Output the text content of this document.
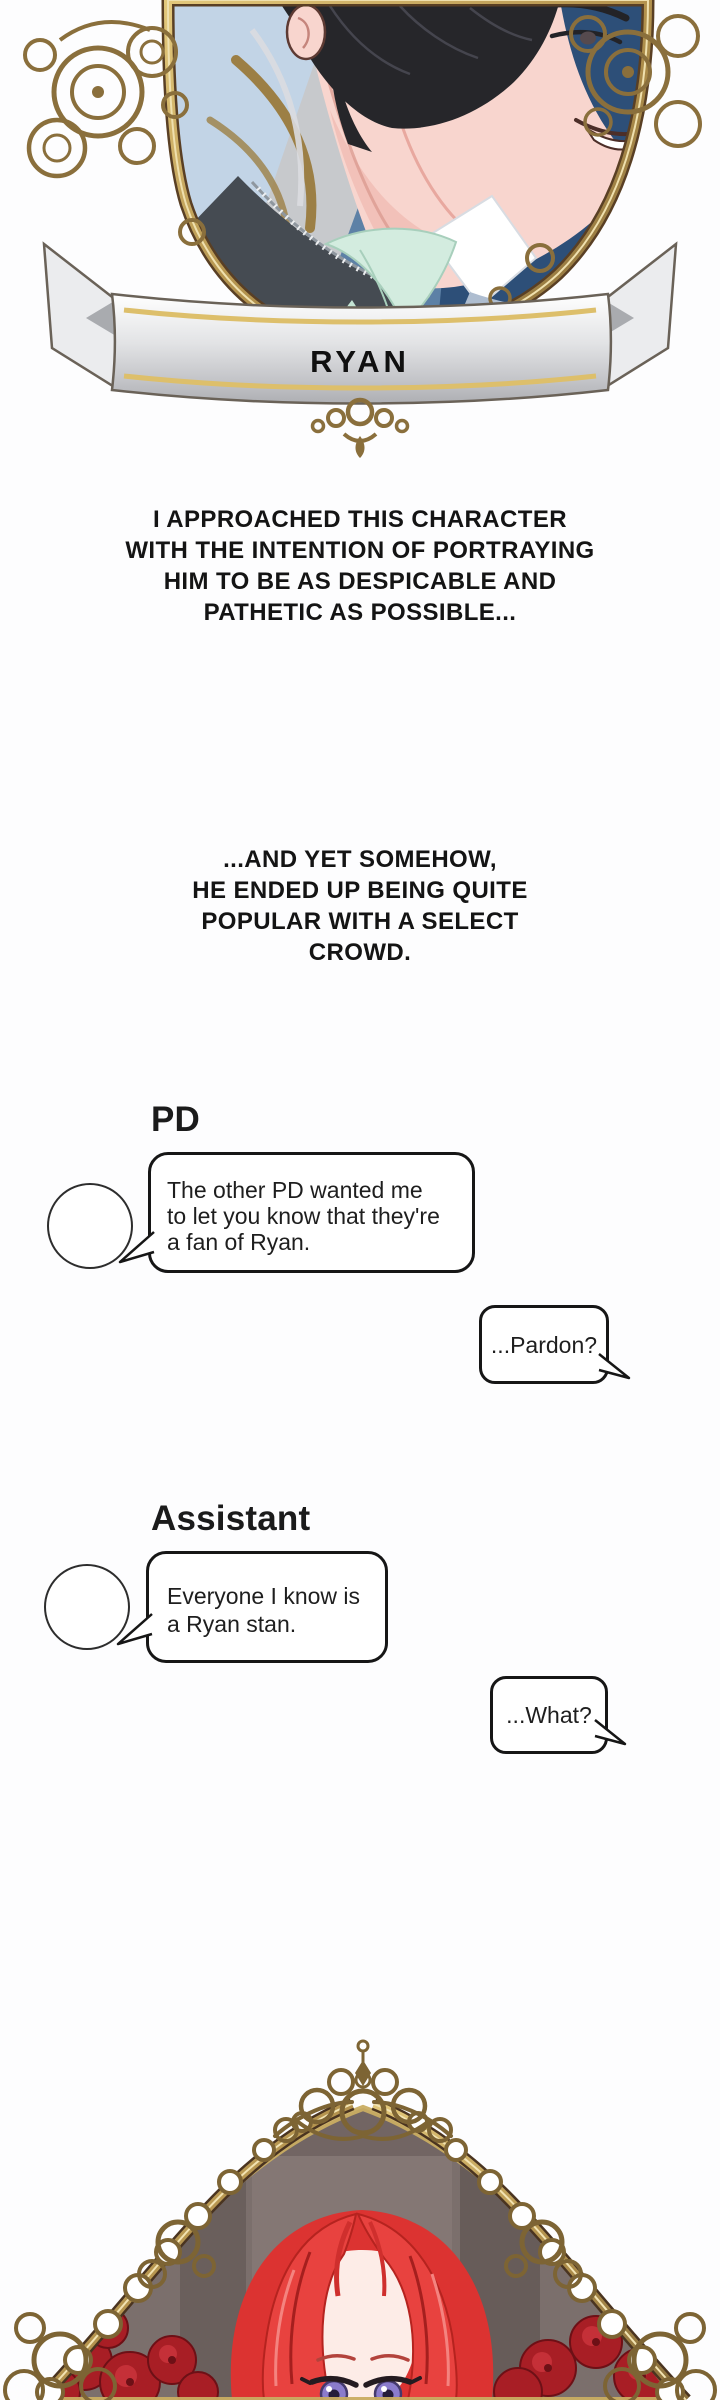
RYAN
I APPROACHED THIS CHARACTER
WITH THE INTENTION OF PORTRAYING
HIM TO BE AS DESPICABLE AND
PATHETIC AS POSSIBLE...
...AND YET SOMEHOW,
HE ENDED UP BEING QUITE
POPULAR WITH A SELECT
CROWD.
PD
The other PD wanted me
to let you know that they're
a fan of Ryan.
...Pardon?
Assistant
Everyone I know is
a Ryan stan.
...What?
